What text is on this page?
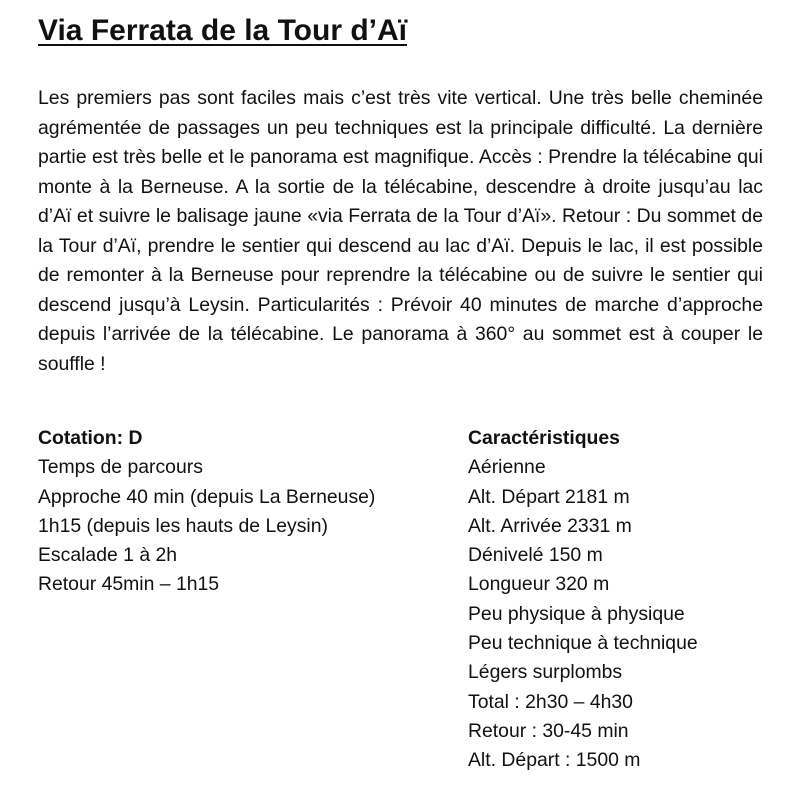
Via Ferrata de la Tour d’Aï

Les premiers pas sont faciles mais c’est très vite vertical. Une très belle cheminée agrémentée de passages un peu techniques est la principale difficulté. La dernière partie est très belle et le panorama est magnifique. Accès : Prendre la télécabine qui monte à la Berneuse. A la sortie de la télécabine, descendre à droite jusqu’au lac d’Aï et suivre le balisage jaune «via Ferrata de la Tour d’Aï». Retour : Du sommet de la Tour d’Aï, prendre le sentier qui descend au lac d’Aï. Depuis le lac, il est possible de remonter à la Berneuse pour reprendre la télécabine ou de suivre le sentier qui descend jusqu’à Leysin. Particularités : Prévoir 40 minutes de marche d’approche depuis l’arrivée de la télécabine. Le panorama à 360° au sommet est à couper le souffle !

Cotation: D
Temps de parcours
Approche 40 min (depuis La Berneuse)
1h15 (depuis les hauts de Leysin)
Escalade 1 à 2h
Retour 45min – 1h15
Caractéristiques
Aérienne
Alt. Départ 2181 m
Alt. Arrivée 2331 m
Dénivelé 150 m
Longueur 320 m
Peu physique à physique
Peu technique à technique
Légers surplombs
Total : 2h30 – 4h30
Retour : 30-45 min
Alt. Départ : 1500 m
